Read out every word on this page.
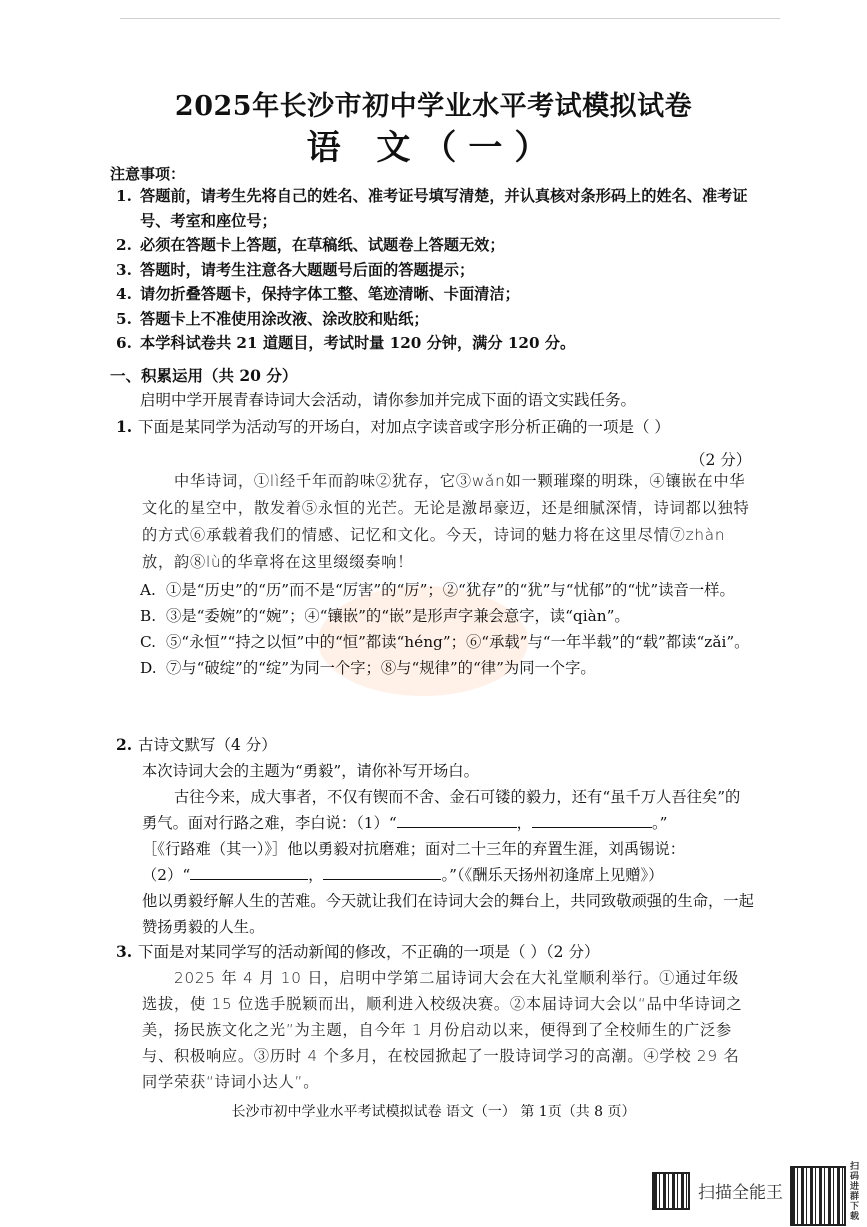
2025年长沙市初中学业水平考试模拟试卷
语 文（一）
注意事项：
1. 答题前，请考生先将自己的姓名、准考证号填写清楚，并认真核对条形码上的姓名、准考证号、考室和座位号；
2. 必须在答题卡上答题，在草稿纸、试题卷上答题无效；
3. 答题时，请考生注意各大题题号后面的答题提示；
4. 请勿折叠答题卡，保持字体工整、笔迹清晰、卡面清洁；
5. 答题卡上不准使用涂改液、涂改胶和贴纸；
6. 本学科试卷共 21 道题目，考试时量 120 分钟，满分 120 分。
一、积累运用（共 20 分）
启明中学开展青春诗词大会活动，请你参加并完成下面的语文实践任务。
1. 下面是某同学为活动写的开场白，对加点字读音或字形分析正确的一项是（ ）
（2 分）

中华诗词，①lì经千年而韵味②犹存，它③wǎn如一颗璀璨的明珠，④镶嵌在中华文化的星空中，散发着⑤永恒的光芒。无论是激昂豪迈，还是细腻深情，诗词都以独特的方式⑥承载着我们的情感、记忆和文化。今天，诗词的魅力将在这里尽情⑦zhàn放，韵⑧lù的华章将在这里缀缀奏响！

A. ①是“历史”的“历”而不是“厉害”的“厉”；②“犹存”的“犹”与“忧郁”的“忧”读音一样。
B. ③是“委婉”的“婉”；④“镶嵌”的“嵌”是形声字兼会意字，读“qiàn”。
C. ⑤“永恒”“持之以恒”中的“恒”都读“héng”；⑥“承载”与“一年半载”的“载”都读“zǎi”。
D. ⑦与“破绽”的“绽”为同一个字；⑧与“规律”的“律”为同一个字。
2. 古诗文默写（4 分）

本次诗词大会的主题为“勇毅”，请你补写开场白。

古往今来，成大事者，不仅有锲而不舍、金石可镂的毅力，还有“虽千万人吾往矣”的勇气。面对行路之难，李白说：（1）“	，	。”

［《行路难（其一）》］他以勇毅对抗磨难；面对二十三年的弃置生涯，刘禹锡说：

（2）“	，	。”（《酬乐天扬州初逢席上见赠》）

他以勇毅纾解人生的苦难。今天就让我们在诗词大会的舞台上，共同致敬顽强的生命，一起赞扬勇毅的人生。

3. 下面是对某同学写的活动新闻的修改，不正确的一项是（ ）（2 分）

2025 年 4 月 10 日，启明中学第二届诗词大会在大礼堂顺利举行。①通过年级选拔，使 15 位选手脱颖而出，顺利进入校级决赛。②本届诗词大会以“品中华诗词之美，扬民族文化之光”为主题，自今年 1 月份启动以来，便得到了全校师生的广泛参与、积极响应。③历时 4 个多月，在校园掀起了一股诗词学习的高潮。④学校 29 名同学荣获“诗词小达人”。

长沙市初中学业水平考试模拟试卷 语文（一） 第 1页（共 8 页）
扫描全能王
扫码进群下载
